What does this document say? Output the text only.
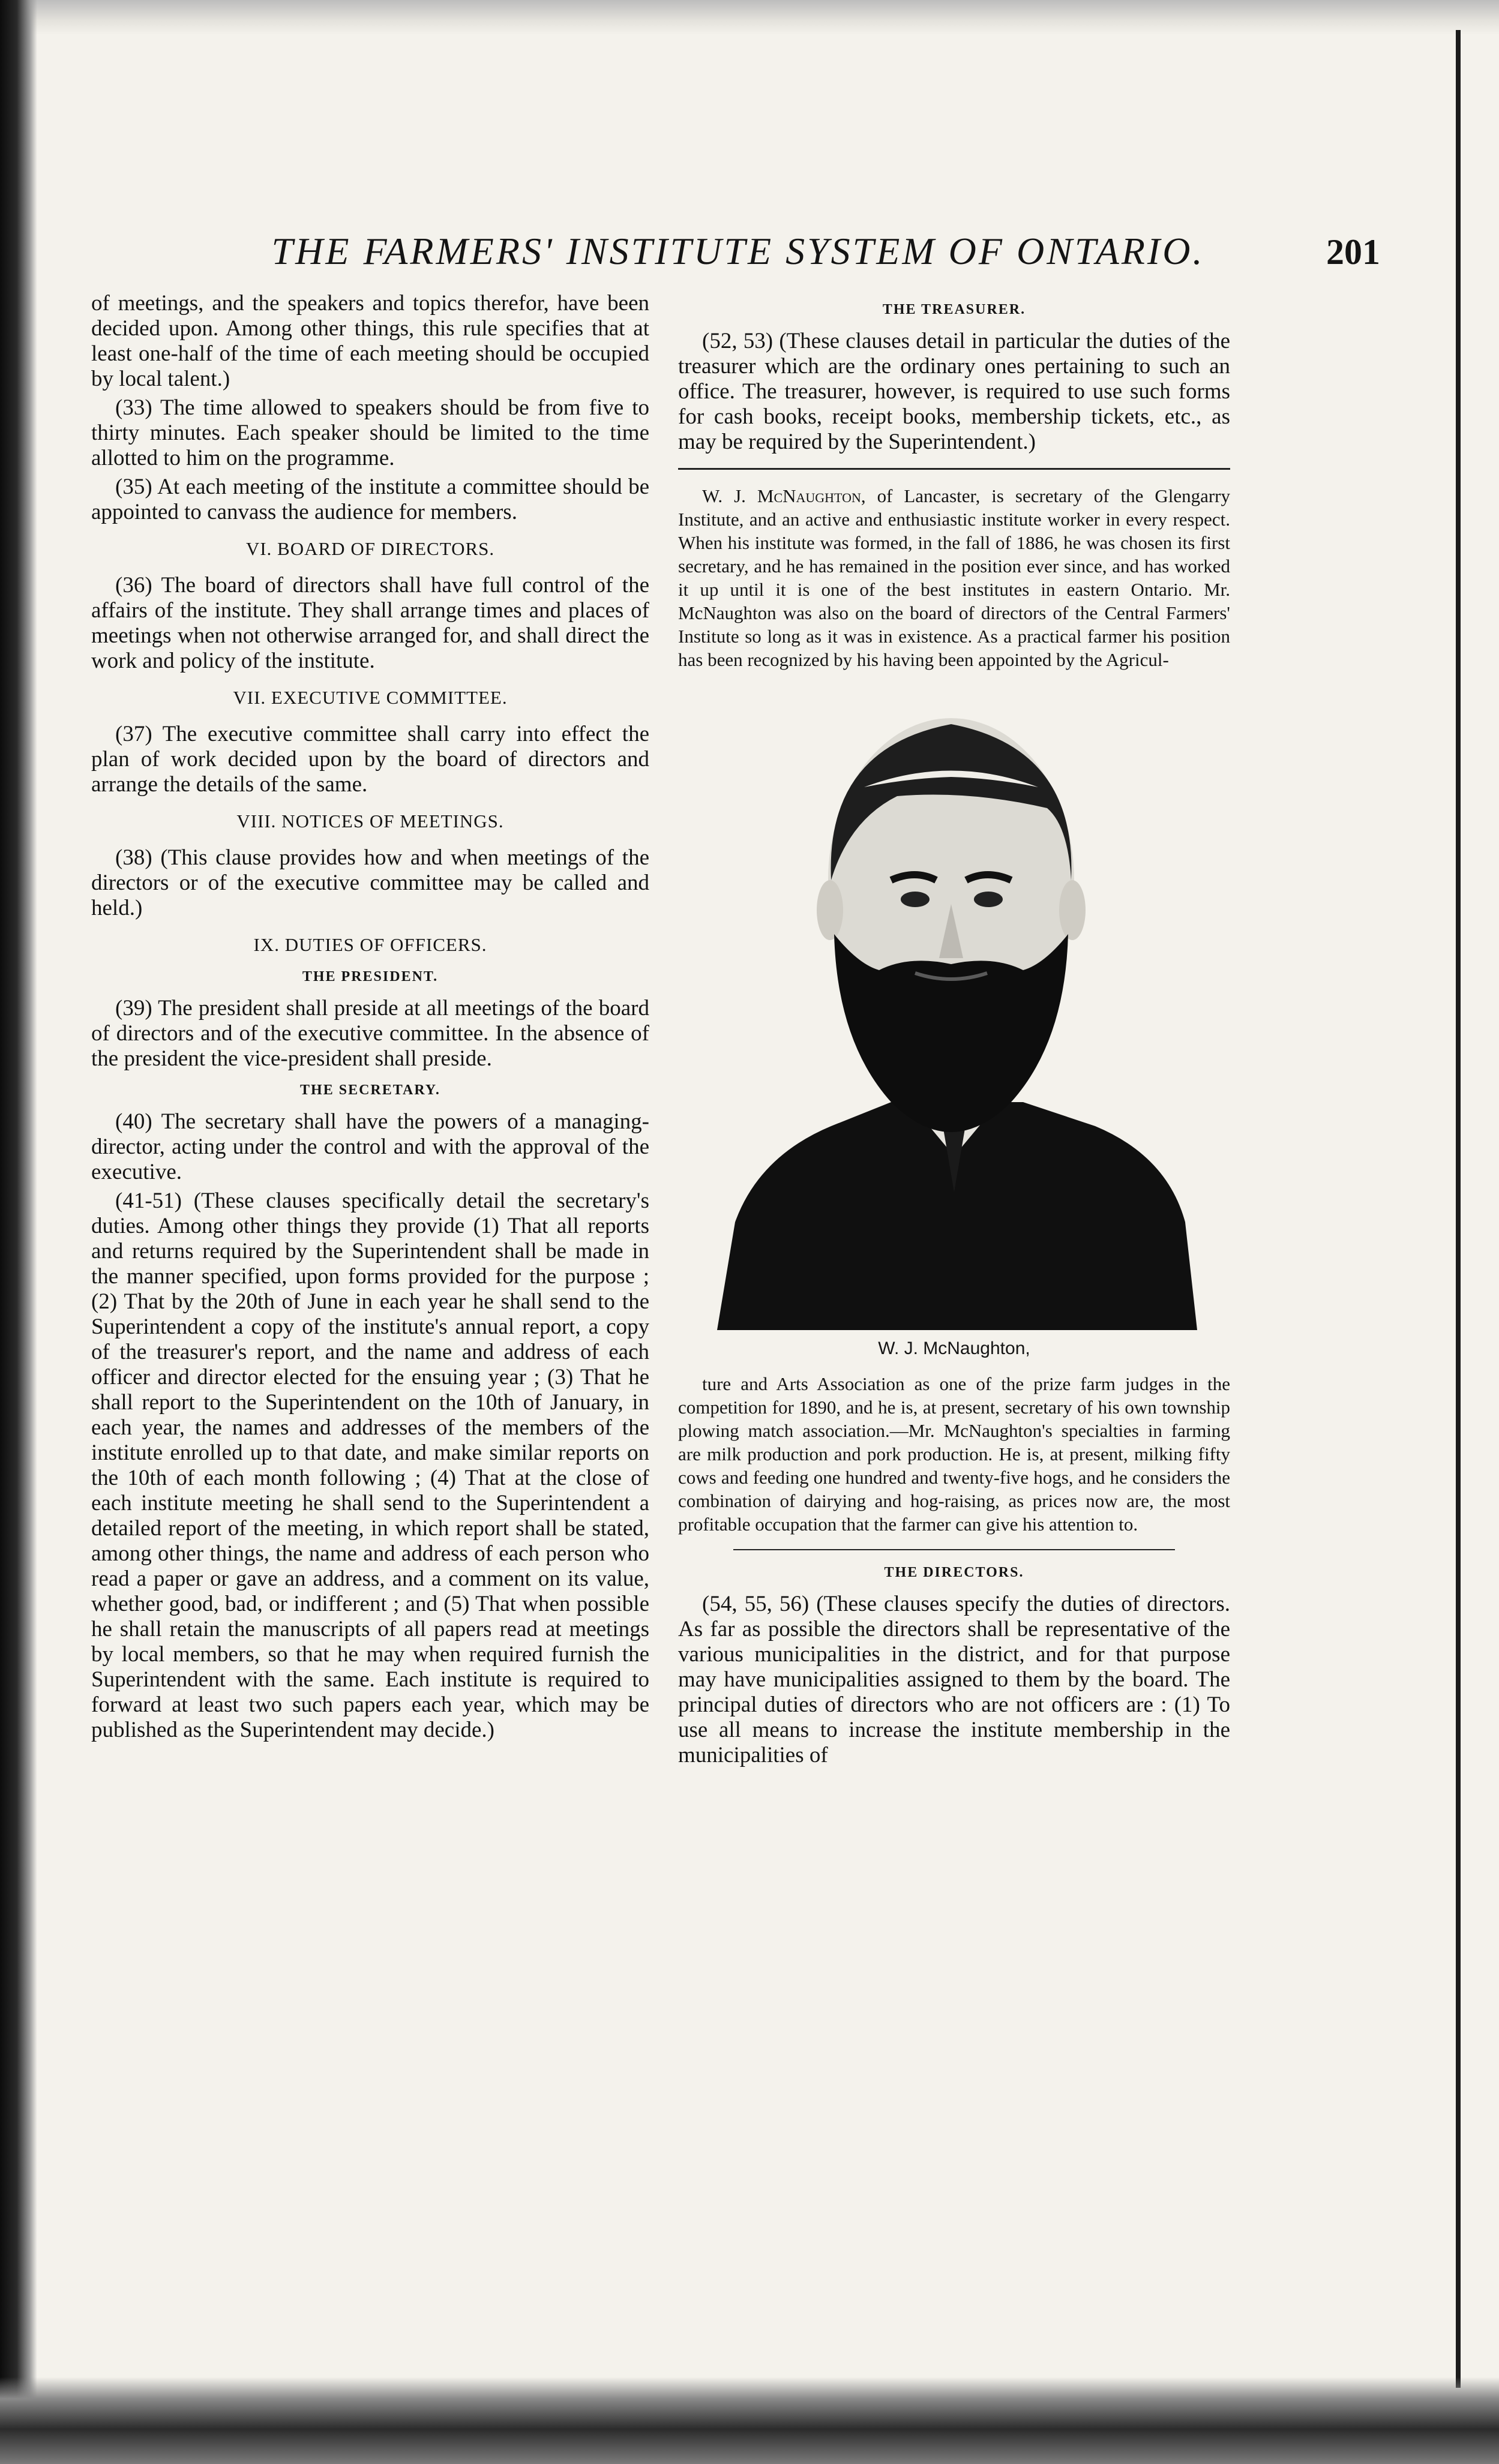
THE FARMERS' INSTITUTE SYSTEM OF ONTARIO.	201

of meetings, and the speakers and topics therefor, have been decided upon. Among other things, this rule specifies that at least one-half of the time of each meeting should be occupied by local talent.)

(33) The time allowed to speakers should be from five to thirty minutes. Each speaker should be limited to the time allotted to him on the programme.

(35) At each meeting of the institute a committee should be appointed to canvass the audience for members.

VI. BOARD OF DIRECTORS.

(36) The board of directors shall have full control of the affairs of the institute. They shall arrange times and places of meetings when not otherwise arranged for, and shall direct the work and policy of the institute.

VII. EXECUTIVE COMMITTEE.

(37) The executive committee shall carry into effect the plan of work decided upon by the board of directors and arrange the details of the same.

VIII. NOTICES OF MEETINGS.

(38) (This clause provides how and when meetings of the directors or of the executive committee may be called and held.)

IX. DUTIES OF OFFICERS.
THE PRESIDENT.

(39) The president shall preside at all meetings of the board of directors and of the executive committee. In the absence of the president the vice-president shall preside.

THE SECRETARY.

(40) The secretary shall have the powers of a managing-director, acting under the control and with the approval of the executive.

(41-51) (These clauses specifically detail the secretary's duties. Among other things they provide (1) That all reports and returns required by the Superintendent shall be made in the manner specified, upon forms provided for the purpose ; (2) That by the 20th of June in each year he shall send to the Superintendent a copy of the institute's annual report, a copy of the treasurer's report, and the name and address of each officer and director elected for the ensuing year ; (3) That he shall report to the Superintendent on the 10th of January, in each year, the names and addresses of the members of the institute enrolled up to that date, and make similar reports on the 10th of each month following ; (4) That at the close of each institute meeting he shall send to the Superintendent a detailed report of the meeting, in which report shall be stated, among other things, the name and address of each person who read a paper or gave an address, and a comment on its value, whether good, bad, or indifferent ; and (5) That when possible he shall retain the manuscripts of all papers read at meetings by local members, so that he may when required furnish the Superintendent with the same. Each institute is required to forward at least two such papers each year, which may be published as the Superintendent may decide.)

THE TREASURER.

(52, 53) (These clauses detail in particular the duties of the treasurer which are the ordinary ones pertaining to such an office. The treasurer, however, is required to use such forms for cash books, receipt books, membership tickets, etc., as may be required by the Superintendent.)

W. J. McNaughton, of Lancaster, is secretary of the Glengarry Institute, and an active and enthusiastic institute worker in every respect. When his institute was formed, in the fall of 1886, he was chosen its first secretary, and he has remained in the position ever since, and has worked it up until it is one of the best institutes in eastern Ontario. Mr. McNaughton was also on the board of directors of the Central Farmers' Institute so long as it was in existence. As a practical farmer his position has been recognized by his having been appointed by the Agricul-

W. J. McNaughton,

ture and Arts Association as one of the prize farm judges in the competition for 1890, and he is, at present, secretary of his own township plowing match association.—Mr. McNaughton's specialties in farming are milk production and pork production. He is, at present, milking fifty cows and feeding one hundred and twenty-five hogs, and he considers the combination of dairying and hog-raising, as prices now are, the most profitable occupation that the farmer can give his attention to.

THE DIRECTORS.

(54, 55, 56) (These clauses specify the duties of directors. As far as possible the directors shall be representative of the various municipalities in the district, and for that purpose may have municipalities assigned to them by the board. The principal duties of directors who are not officers are : (1) To use all means to increase the institute membership in the municipalities of
